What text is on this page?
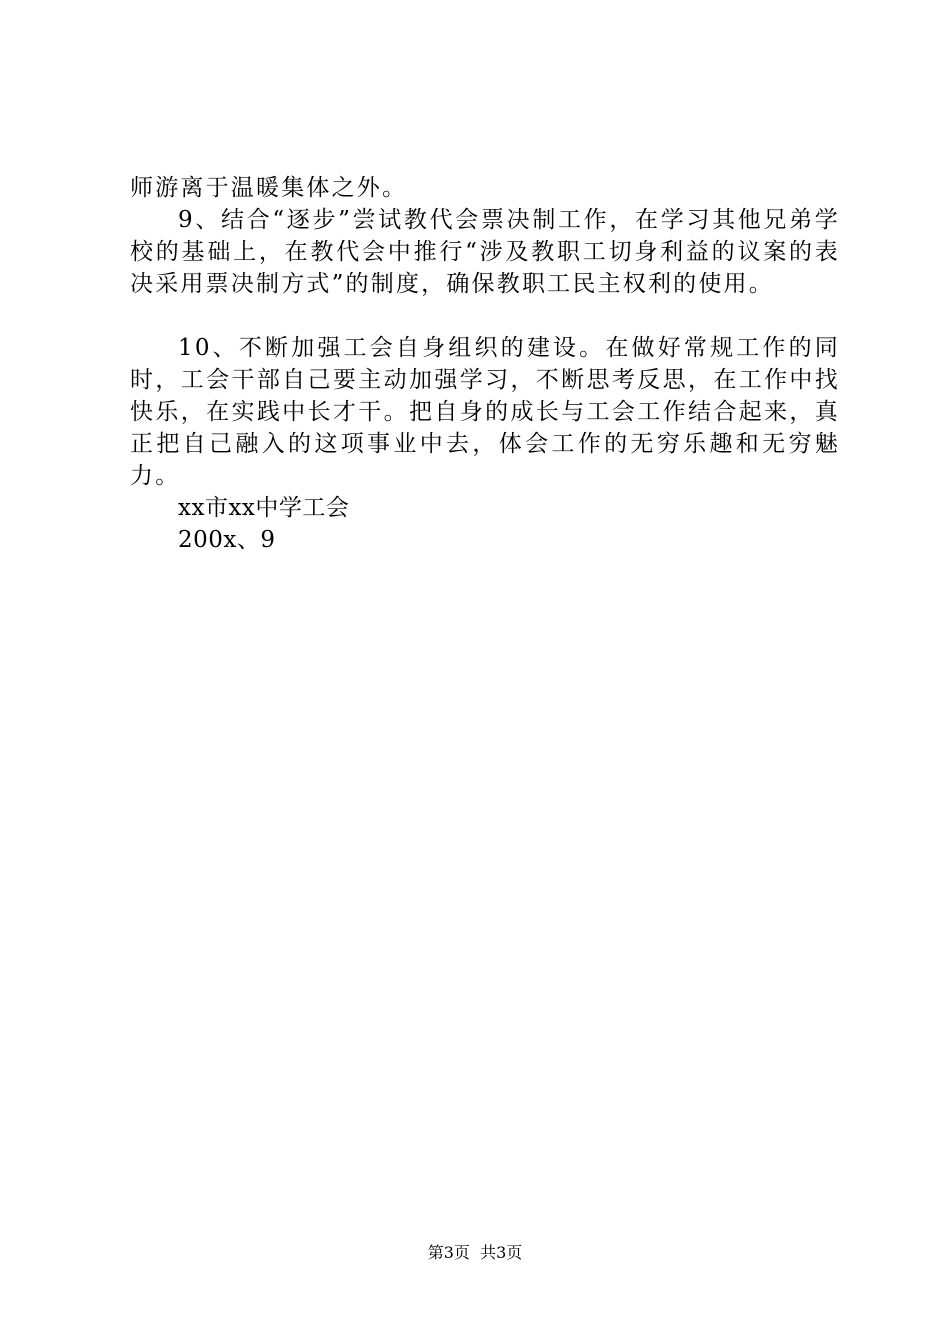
师游离于温暖集体之外。

9、结合“逐步”尝试教代会票决制工作，在学习其他兄弟学校的基础上，在教代会中推行“涉及教职工切身利益的议案的表决采用票决制方式”的制度，确保教职工民主权利的使用。

10、不断加强工会自身组织的建设。在做好常规工作的同时，工会干部自己要主动加强学习，不断思考反思，在工作中找快乐，在实践中长才干。把自身的成长与工会工作结合起来，真正把自己融入的这项事业中去，体会工作的无穷乐趣和无穷魅力。

xx市xx中学工会

200x、9

第3页  共3页
